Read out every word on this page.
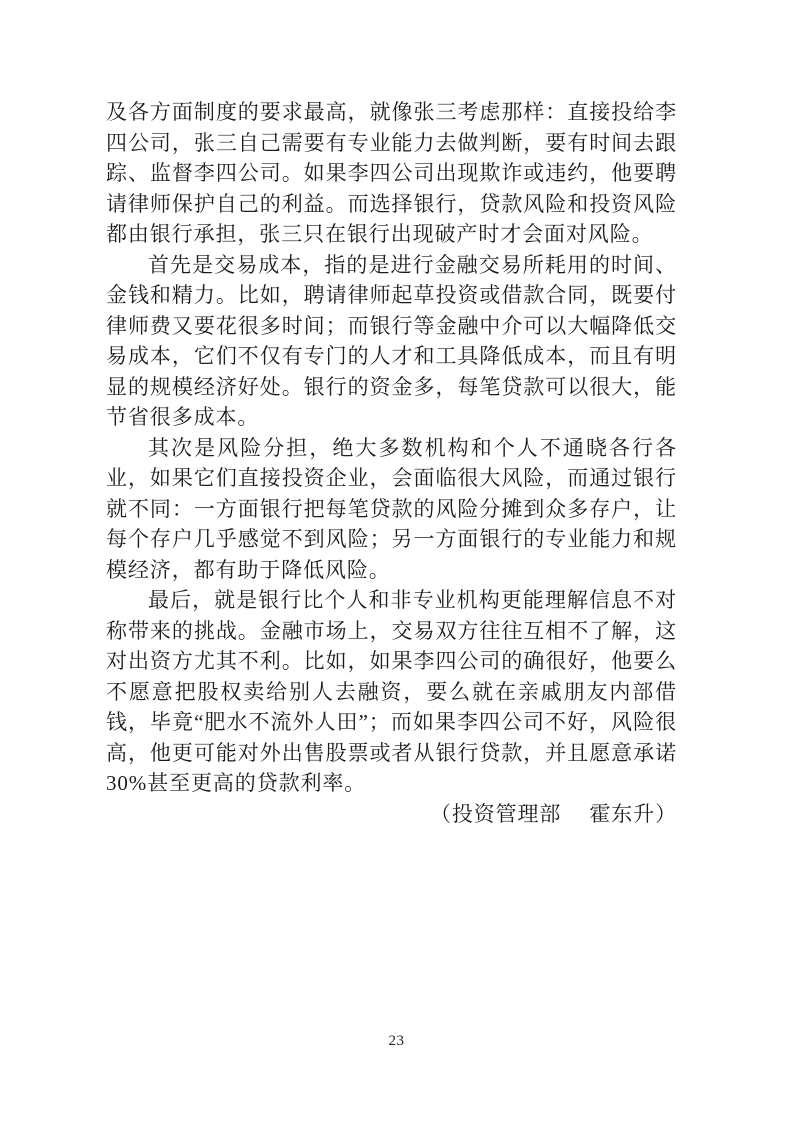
及各方面制度的要求最高，就像张三考虑那样：直接投给李四公司，张三自己需要有专业能力去做判断，要有时间去跟踪、监督李四公司。如果李四公司出现欺诈或违约，他要聘请律师保护自己的利益。而选择银行，贷款风险和投资风险都由银行承担，张三只在银行出现破产时才会面对风险。

首先是交易成本，指的是进行金融交易所耗用的时间、金钱和精力。比如，聘请律师起草投资或借款合同，既要付律师费又要花很多时间；而银行等金融中介可以大幅降低交易成本，它们不仅有专门的人才和工具降低成本，而且有明显的规模经济好处。银行的资金多，每笔贷款可以很大，能节省很多成本。

其次是风险分担，绝大多数机构和个人不通晓各行各业，如果它们直接投资企业，会面临很大风险，而通过银行就不同：一方面银行把每笔贷款的风险分摊到众多存户，让每个存户几乎感觉不到风险；另一方面银行的专业能力和规模经济，都有助于降低风险。

最后，就是银行比个人和非专业机构更能理解信息不对称带来的挑战。金融市场上，交易双方往往互相不了解，这对出资方尤其不利。比如，如果李四公司的确很好，他要么不愿意把股权卖给别人去融资，要么就在亲戚朋友内部借钱，毕竟“肥水不流外人田”；而如果李四公司不好，风险很高，他更可能对外出售股票或者从银行贷款，并且愿意承诺 30%甚至更高的贷款利率。

（投资管理部　 霍东升）

23
